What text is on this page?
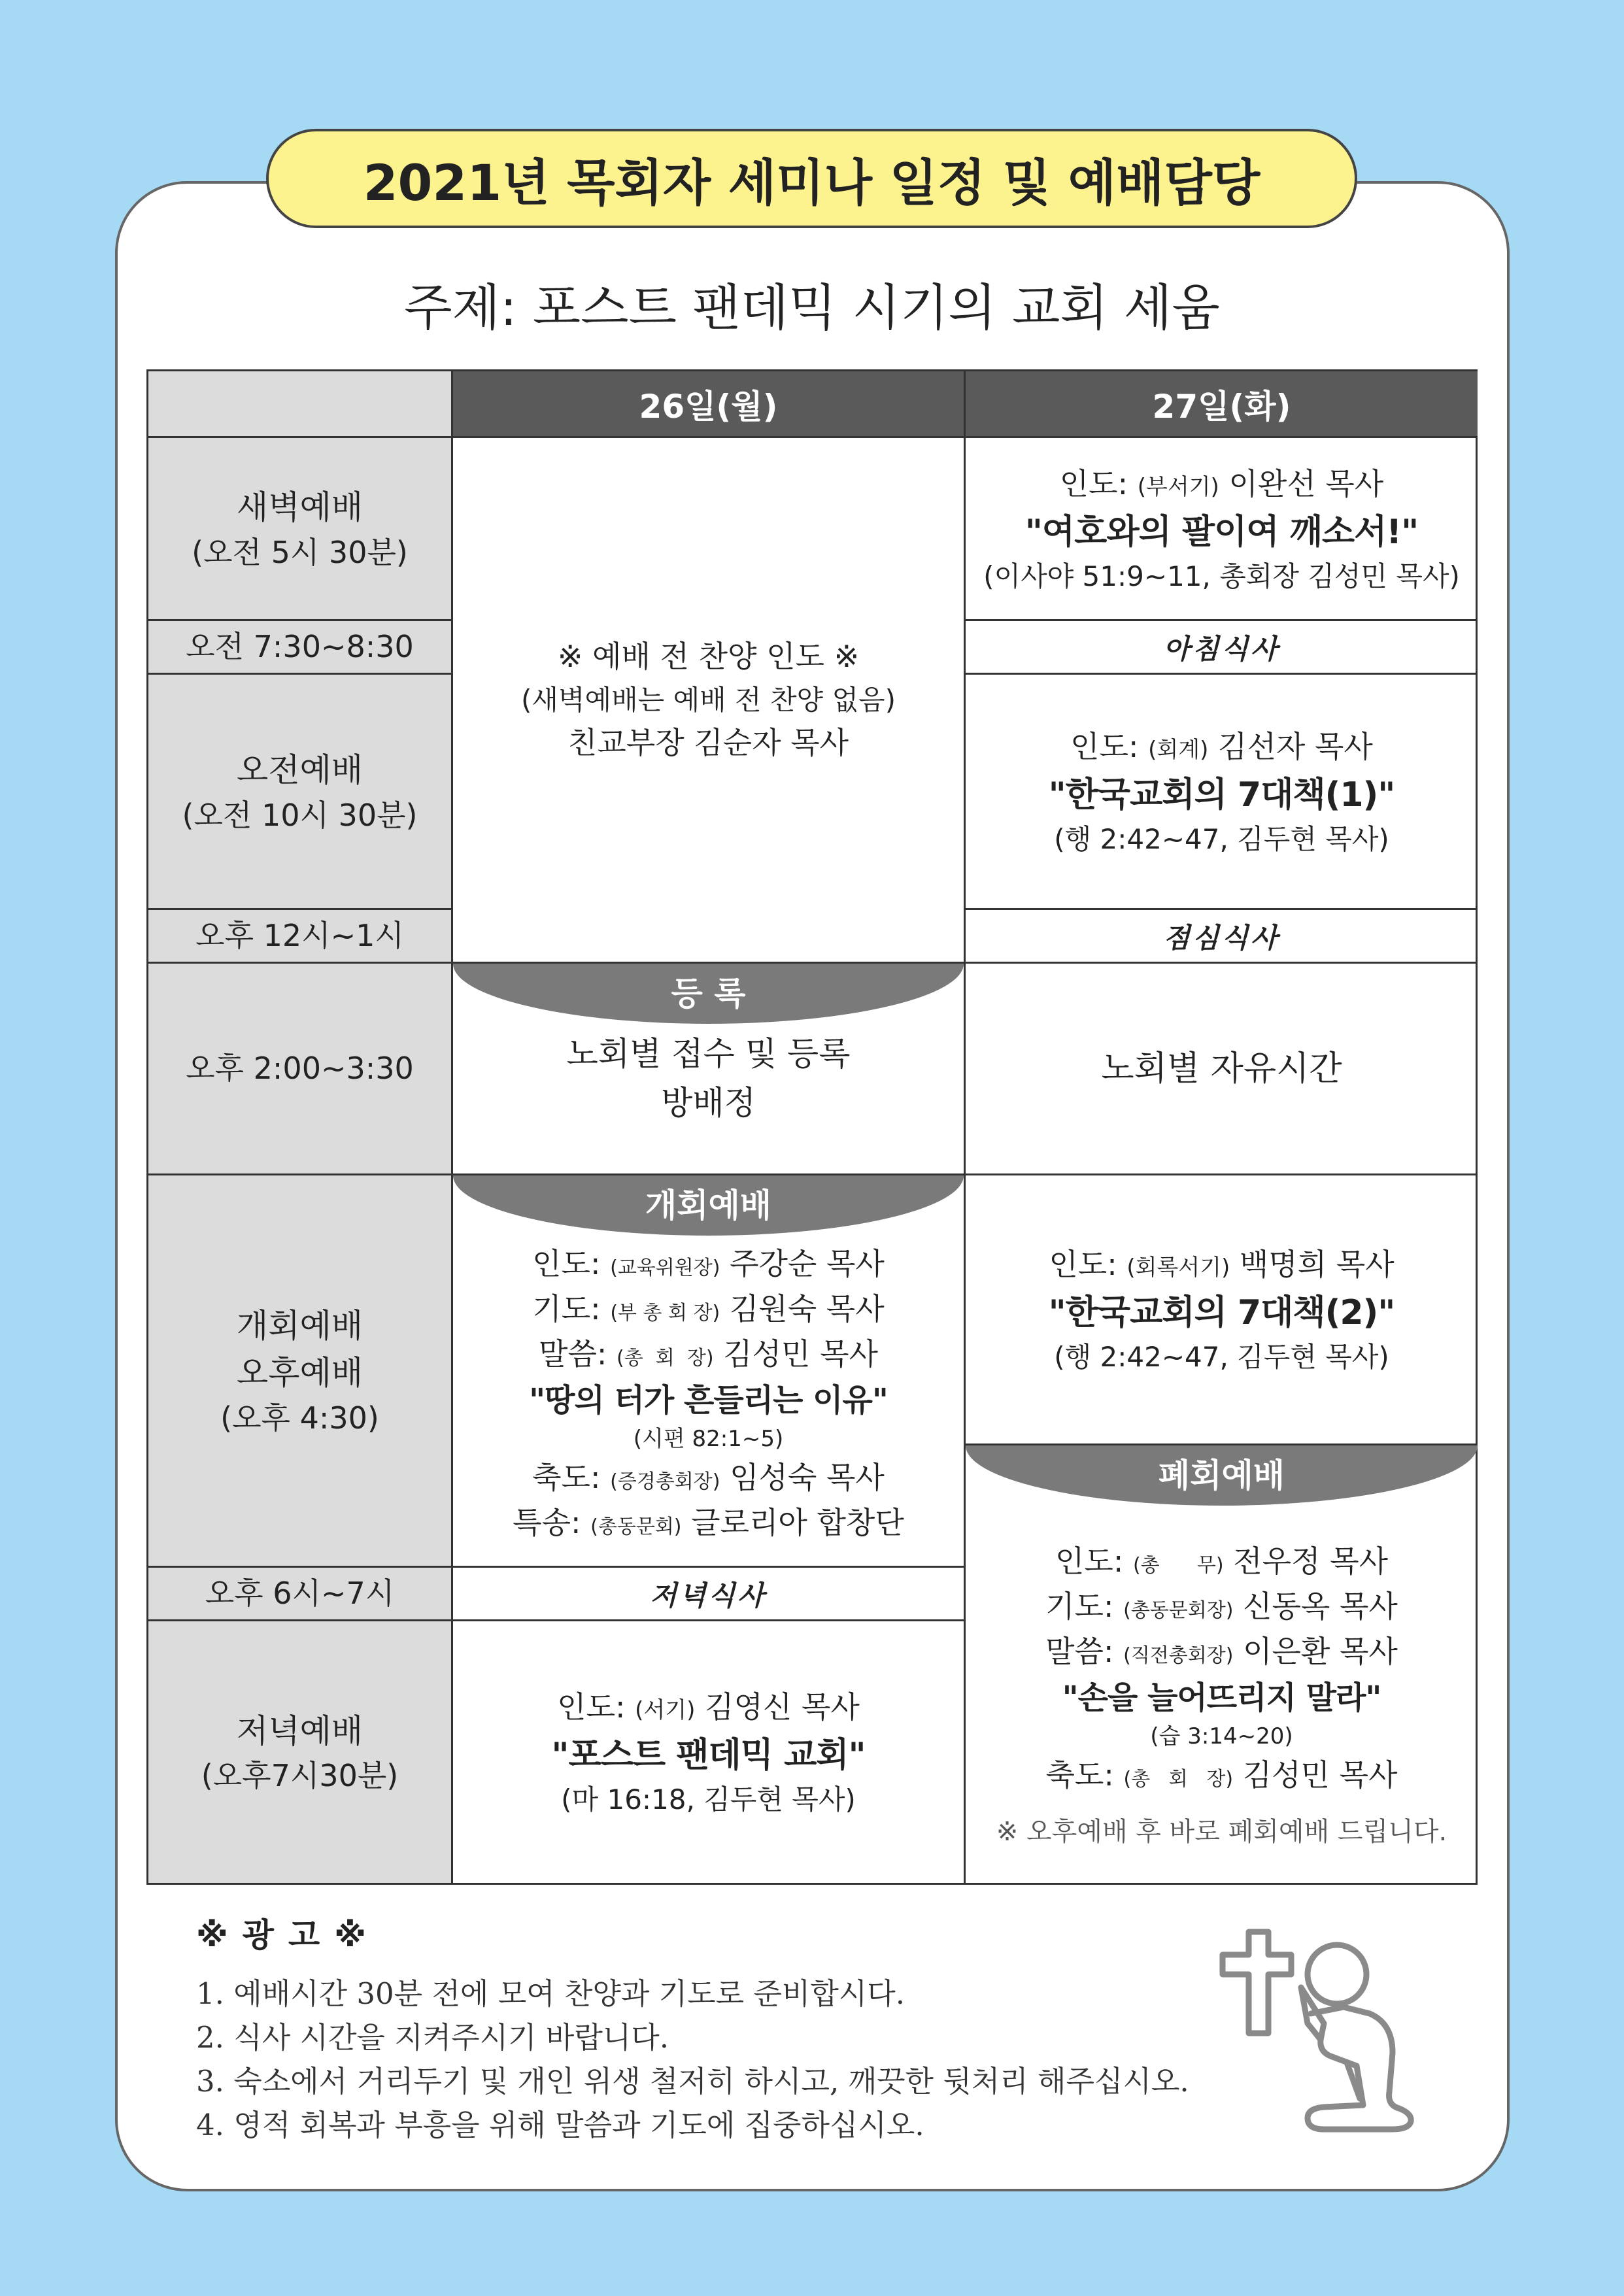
2021년 목회자 세미나 일정 및 예배담당
주제: 포스트 팬데믹 시기의 교회 세움
26일(월)	27일(화)
새벽예배
(오전 5시 30분)
오전 7:30~8:30
오전예배
(오전 10시 30분)
오후 12시~1시
오후 2:00~3:30
개회예배
오후예배
(오후 4:30)
오후 6시~7시
저녁예배
(오후7시30분)
※ 예배 전 찬양 인도 ※
(새벽예배는 예배 전 찬양 없음)
친교부장 김순자 목사
등 록
노회별 접수 및 등록
방배정
개회예배
인도: (교육위원장) 주강순 목사
기도: (부 총 회 장) 김원숙 목사
말씀: (총  회  장) 김성민 목사
"땅의 터가 흔들리는 이유"
(시편 82:1~5)
축도: (증경총회장) 임성숙 목사
특송: (총동문회) 글로리아 합창단
저녁식사
인도: (서기) 김영신 목사
"포스트 팬데믹 교회"
(마 16:18, 김두현 목사)
인도: (부서기) 이완선 목사
"여호와의 팔이여 깨소서!"
(이사야 51:9~11, 총회장 김성민 목사)
아침식사
인도: (회계) 김선자 목사
"한국교회의 7대책(1)"
(행 2:42~47, 김두현 목사)
점심식사
노회별 자유시간
인도: (회록서기) 백명희 목사
"한국교회의 7대책(2)"
(행 2:42~47, 김두현 목사)
폐회예배
인도: (총      무) 전우정 목사
기도: (총동문회장) 신동옥 목사
말씀: (직전총회장) 이은환 목사
"손을 늘어뜨리지 말라"
(습 3:14~20)
축도: (총   회   장) 김성민 목사
※ 오후예배 후 바로 폐회예배 드립니다.
※광고※
1. 예배시간 30분 전에 모여 찬양과 기도로 준비합시다.
2. 식사 시간을 지켜주시기 바랍니다.
3. 숙소에서 거리두기 및 개인 위생 철저히 하시고, 깨끗한 뒷처리 해주십시오.
4. 영적 회복과 부흥을 위해 말씀과 기도에 집중하십시오.
